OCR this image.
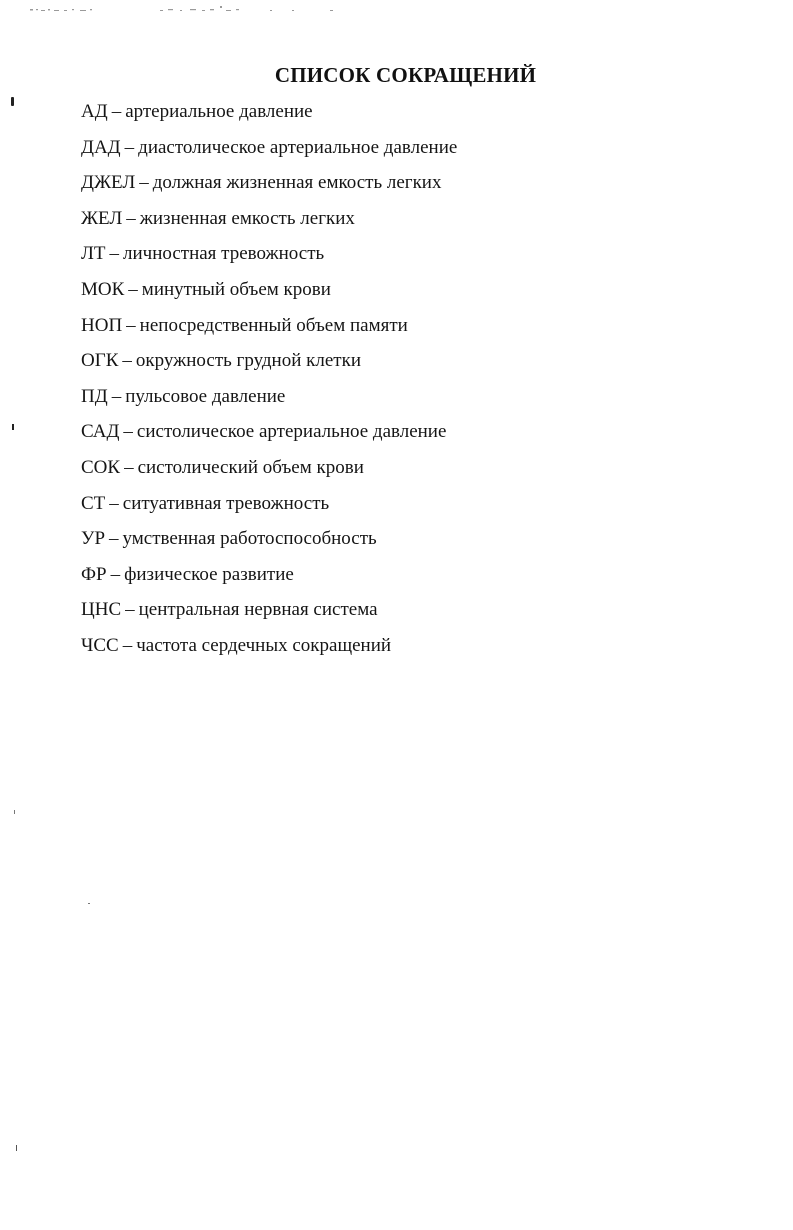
СПИСОК СОКРАЩЕНИЙ
АД – артериальное давление
ДАД – диастолическое артериальное давление
ДЖЕЛ – должная жизненная емкость легких
ЖЕЛ – жизненная емкость легких
ЛТ – личностная тревожность
МОК – минутный объем крови
НОП – непосредственный объем памяти
ОГК – окружность грудной клетки
ПД – пульсовое давление
САД – систолическое артериальное давление
СОК – систолический объем крови
СТ – ситуативная тревожность
УР – умственная работоспособность
ФР – физическое развитие
ЦНС – центральная нервная система
ЧСС – частота сердечных сокращений
